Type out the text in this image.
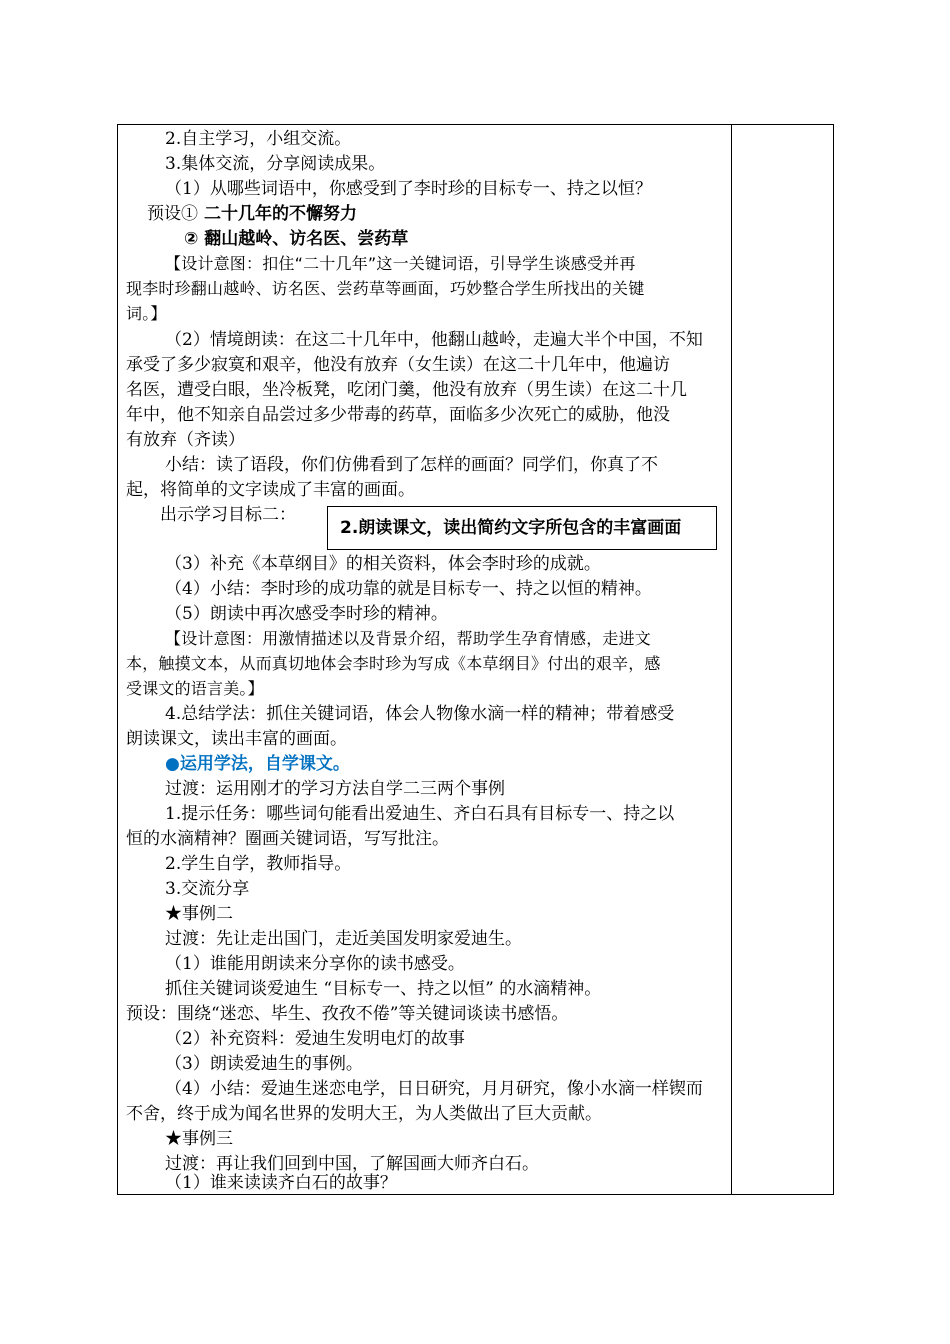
2.自主学习，小组交流。
3.集体交流，分享阅读成果。
（1）从哪些词语中，你感受到了李时珍的目标专一、持之以恒？
预设① 二十几年的不懈努力
② 翻山越岭、访名医、尝药草
【设计意图：扣住“二十几年”这一关键词语，引导学生谈感受并再
现李时珍翻山越岭、访名医、尝药草等画面，巧妙整合学生所找出的关键
词。】
（2）情境朗读：在这二十几年中，他翻山越岭，走遍大半个中国，不知
承受了多少寂寞和艰辛，他没有放弃（女生读）在这二十几年中，他遍访
名医，遭受白眼，坐冷板凳，吃闭门羹，他没有放弃（男生读）在这二十几
年中，他不知亲自品尝过多少带毒的药草，面临多少次死亡的威胁，他没
有放弃（齐读）
小结：读了语段，你们仿佛看到了怎样的画面？同学们，你真了不
起，将简单的文字读成了丰富的画面。
出示学习目标二：
2.朗读课文，读出简约文字所包含的丰富画面
（3）补充《本草纲目》的相关资料，体会李时珍的成就。
（4）小结：李时珍的成功靠的就是目标专一、持之以恒的精神。
（5）朗读中再次感受李时珍的精神。
【设计意图：用激情描述以及背景介绍，帮助学生孕育情感，走进文
本，触摸文本，从而真切地体会李时珍为写成《本草纲目》付出的艰辛，感
受课文的语言美。】
4.总结学法：抓住关键词语，体会人物像水滴一样的精神；带着感受
朗读课文，读出丰富的画面。
●运用学法，自学课文。
过渡：运用刚才的学习方法自学二三两个事例
1.提示任务：哪些词句能看出爱迪生、齐白石具有目标专一、持之以
恒的水滴精神？圈画关键词语，写写批注。
2.学生自学，教师指导。
3.交流分享
★事例二
过渡：先让走出国门，走近美国发明家爱迪生。
（1）谁能用朗读来分享你的读书感受。
抓住关键词谈爱迪生 “目标专一、持之以恒” 的水滴精神。
预设：围绕“迷恋、毕生、孜孜不倦”等关键词谈读书感悟。
（2）补充资料：爱迪生发明电灯的故事
（3）朗读爱迪生的事例。
（4）小结：爱迪生迷恋电学，日日研究，月月研究，像小水滴一样锲而
不舍，终于成为闻名世界的发明大王，为人类做出了巨大贡献。
★事例三
过渡：再让我们回到中国，了解国画大师齐白石。
（1）谁来读读齐白石的故事？
